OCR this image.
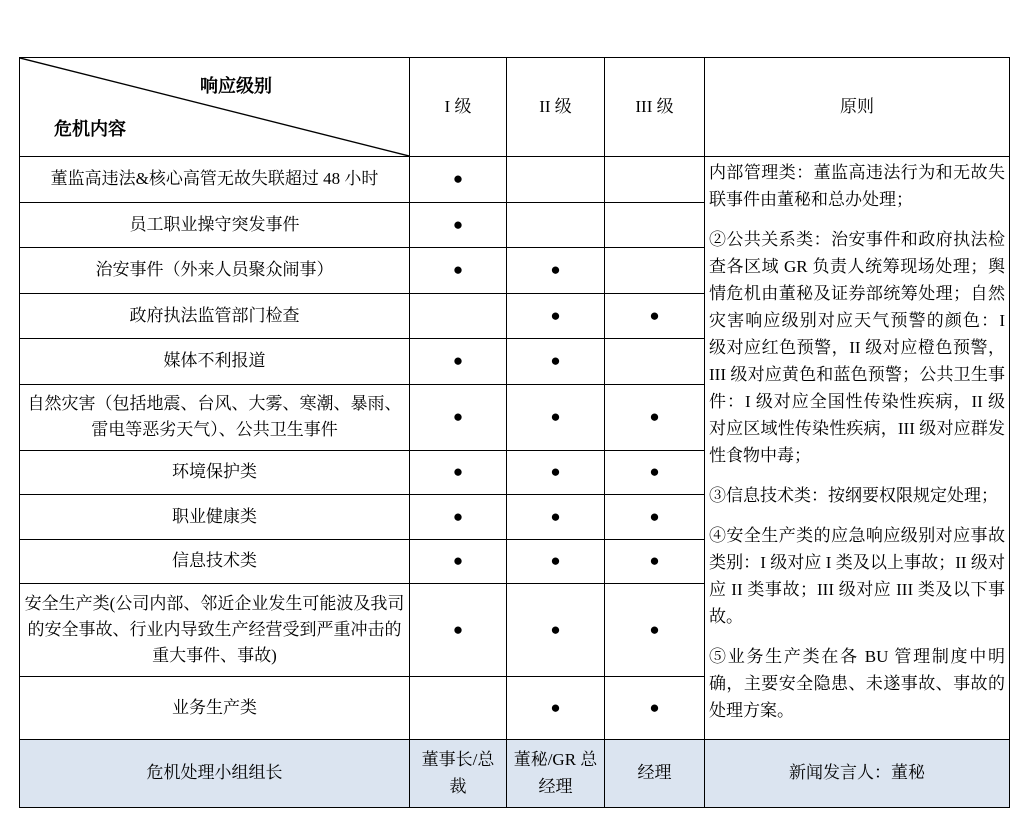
响应级别
危机内容	I 级	II 级	III 级	原则
董监高违法&核心高管无故失联超过 48 小时	●			内部管理类：董监高违法行为和无故失联事件由董秘和总办处理；

②公共关系类：治安事件和政府执法检查各区域 GR 负责人统筹现场处理；舆情危机由董秘及证券部统筹处理；自然灾害响应级别对应天气预警的颜色：I 级对应红色预警，II 级对应橙色预警，III 级对应黄色和蓝色预警；公共卫生事件：I 级对应全国性传染性疾病，II 级对应区域性传染性疾病，III 级对应群发性食物中毒；

③信息技术类：按纲要权限规定处理；

④安全生产类的应急响应级别对应事故类别：I 级对应 I 类及以上事故；II 级对应 II 类事故；III 级对应 III 类及以下事故。

⑤业务生产类在各 BU 管理制度中明确，主要安全隐患、未遂事故、事故的处理方案。

员工职业操守突发事件	●			
治安事件（外来人员聚众闹事）	●	●		
政府执法监管部门检查		●	●	
媒体不利报道	●	●		
自然灾害（包括地震、台风、大雾、寒潮、暴雨、雷电等恶劣天气）、公共卫生事件	●	●	●	
环境保护类	●	●	●	
职业健康类	●	●	●	
信息技术类	●	●	●	
安全生产类(公司内部、邻近企业发生可能波及我司的安全事故、行业内导致生产经营受到严重冲击的重大事件、事故)	●	●	●	
业务生产类		●	●	
危机处理小组组长	董事长/总裁	董秘/GR 总经理	经理	新闻发言人：董秘
